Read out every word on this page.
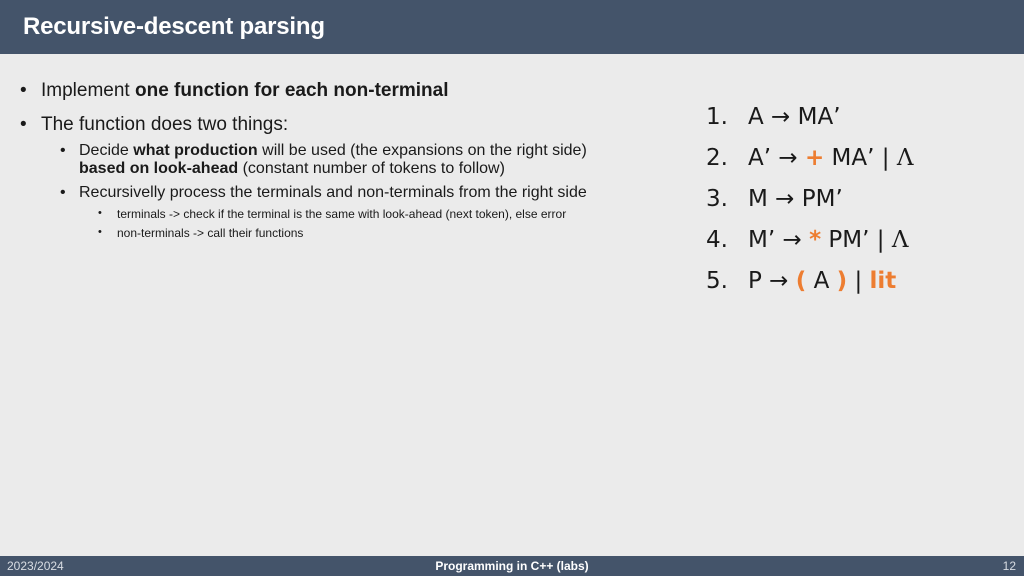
Recursive-descent parsing
• Implement one function for each non-terminal
• The function does two things:
• Decide what production will be used (the expansions on the right side)
based on look-ahead (constant number of tokens to follow)
• Recursivelly process the terminals and non-terminals from the right side
• terminals -> check if the terminal is the same with look-ahead (next token), else error
• non-terminals -> call their functions
1. A → MA’
2. A’ → + MA’ | Λ
3. M → PM’
4. M’ → * PM’ | Λ
5. P → ( A ) | lit
2023/2024	Programming in C++ (labs)	12
